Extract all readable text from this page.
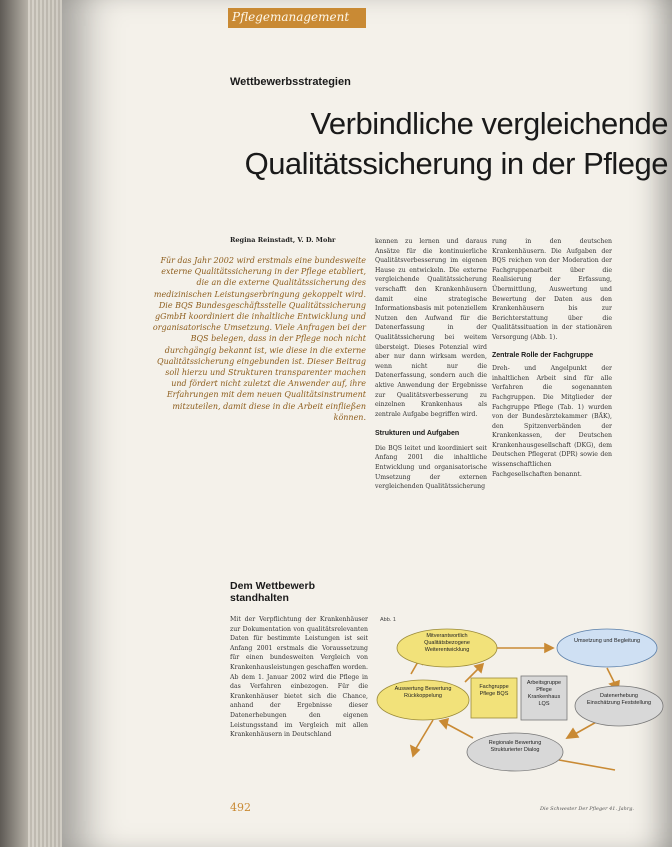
Pflegemanagement
Wettbewerbsstrategien
Verbindliche vergleichende
Qualitätssicherung in der Pflege
Regina Reinstadt, V. D. Mohr
Für das Jahr 2002 wird erstmals eine bundesweite externe Qualitätssicherung in der Pflege etabliert, die an die externe Qualitätssicherung des medizinischen Leistungserbringung gekoppelt wird. Die BQS Bundesgeschäftsstelle Qualitätssicherung gGmbH koordiniert die inhaltliche Entwicklung und organisatorische Umsetzung. Viele Anfragen bei der BQS belegen, dass in der Pflege noch nicht durchgängig bekannt ist, wie diese in die externe Qualitätssicherung eingebunden ist. Dieser Beitrag soll hierzu und Strukturen transparenter machen und fördert nicht zuletzt die Anwender auf, ihre Erfahrungen mit dem neuen Qualitätsinstrument mitzuteilen, damit diese in die Arbeit einfließen können.
Dem Wettbewerb standhalten
Mit der Verpflichtung der Krankenhäuser zur Dokumentation von qualitätsrelevanten Daten für bestimmte Leistungen ist seit Anfang 2001 erstmals die Voraussetzung für einen bundesweiten Vergleich von Krankenhausleistungen geschaffen worden. Ab dem 1. Januar 2002 wird die Pflege in das Verfahren einbezogen. Für die Krankenhäuser bietet sich die Chance, anhand der Ergebnisse dieser Datenerhebungen den eigenen Leistungsstand im Vergleich mit allen Krankenhäusern in Deutschland
kennen zu lernen und daraus Ansätze für die kontinuierliche Qualitätsverbesserung im eigenen Hause zu entwickeln. Die externe vergleichende Qualitätssicherung verschafft den Krankenhäusern damit eine strategische Informationsbasis mit potenziellem Nutzen den Aufwand für die Datenerfassung in der Qualitätssicherung bei weitem übersteigt. Dieses Potenzial wird aber nur dann wirksam werden, wenn nicht nur die Datenerfassung, sondern auch die aktive Anwendung der Ergebnisse zur Qualitätsverbesserung zu einzelnen Krankenhaus als zentrale Aufgabe begriffen wird.
Strukturen und Aufgaben
Die BQS leitet und koordiniert seit Anfang 2001 die inhaltliche Entwicklung und organisatorische Umsetzung der externen vergleichenden Qualitätssicherung
rung in den deutschen Krankenhäusern. Die Aufgaben der BQS reichen von der Moderation der Fachgruppenarbeit über die Realisierung der Erfassung, Übermittlung, Auswertung und Bewertung der Daten aus den Krankenhäusern bis zur Berichterstattung über die Qualitätssituation in der stationären Versorgung (Abb. 1).
Zentrale Rolle der Fachgruppe
Dreh- und Angelpunkt der inhaltlichen Arbeit sind für alle Verfahren die sogenannten Fachgruppen. Die Mitglieder der Fachgruppe Pflege (Tab. 1) wurden von der Bundesärztekammer (BÄK), den Spitzenverbänden der Krankenkassen, der Deutschen Krankenhausgesellschaft (DKG), dem Deutschen Pflegerat (DPR) sowie den wissenschaftlichen Fachgesellschaften benannt.
Abb. 1
Mitverantwortlich Qualitätsbezogene Weiterentwicklung
Umsetzung und Begleitung
Auswertung Bewertung Rückkoppelung	Datenerhebung Einschätzung Feststellung
Regionale Bewertung Strukturierter Dialog
Fachgruppe Pflege BQS
Arbeitsgruppe Pflege Krankenhaus LQS
492	Die Schwester Der Pfleger 41. Jahrg.
